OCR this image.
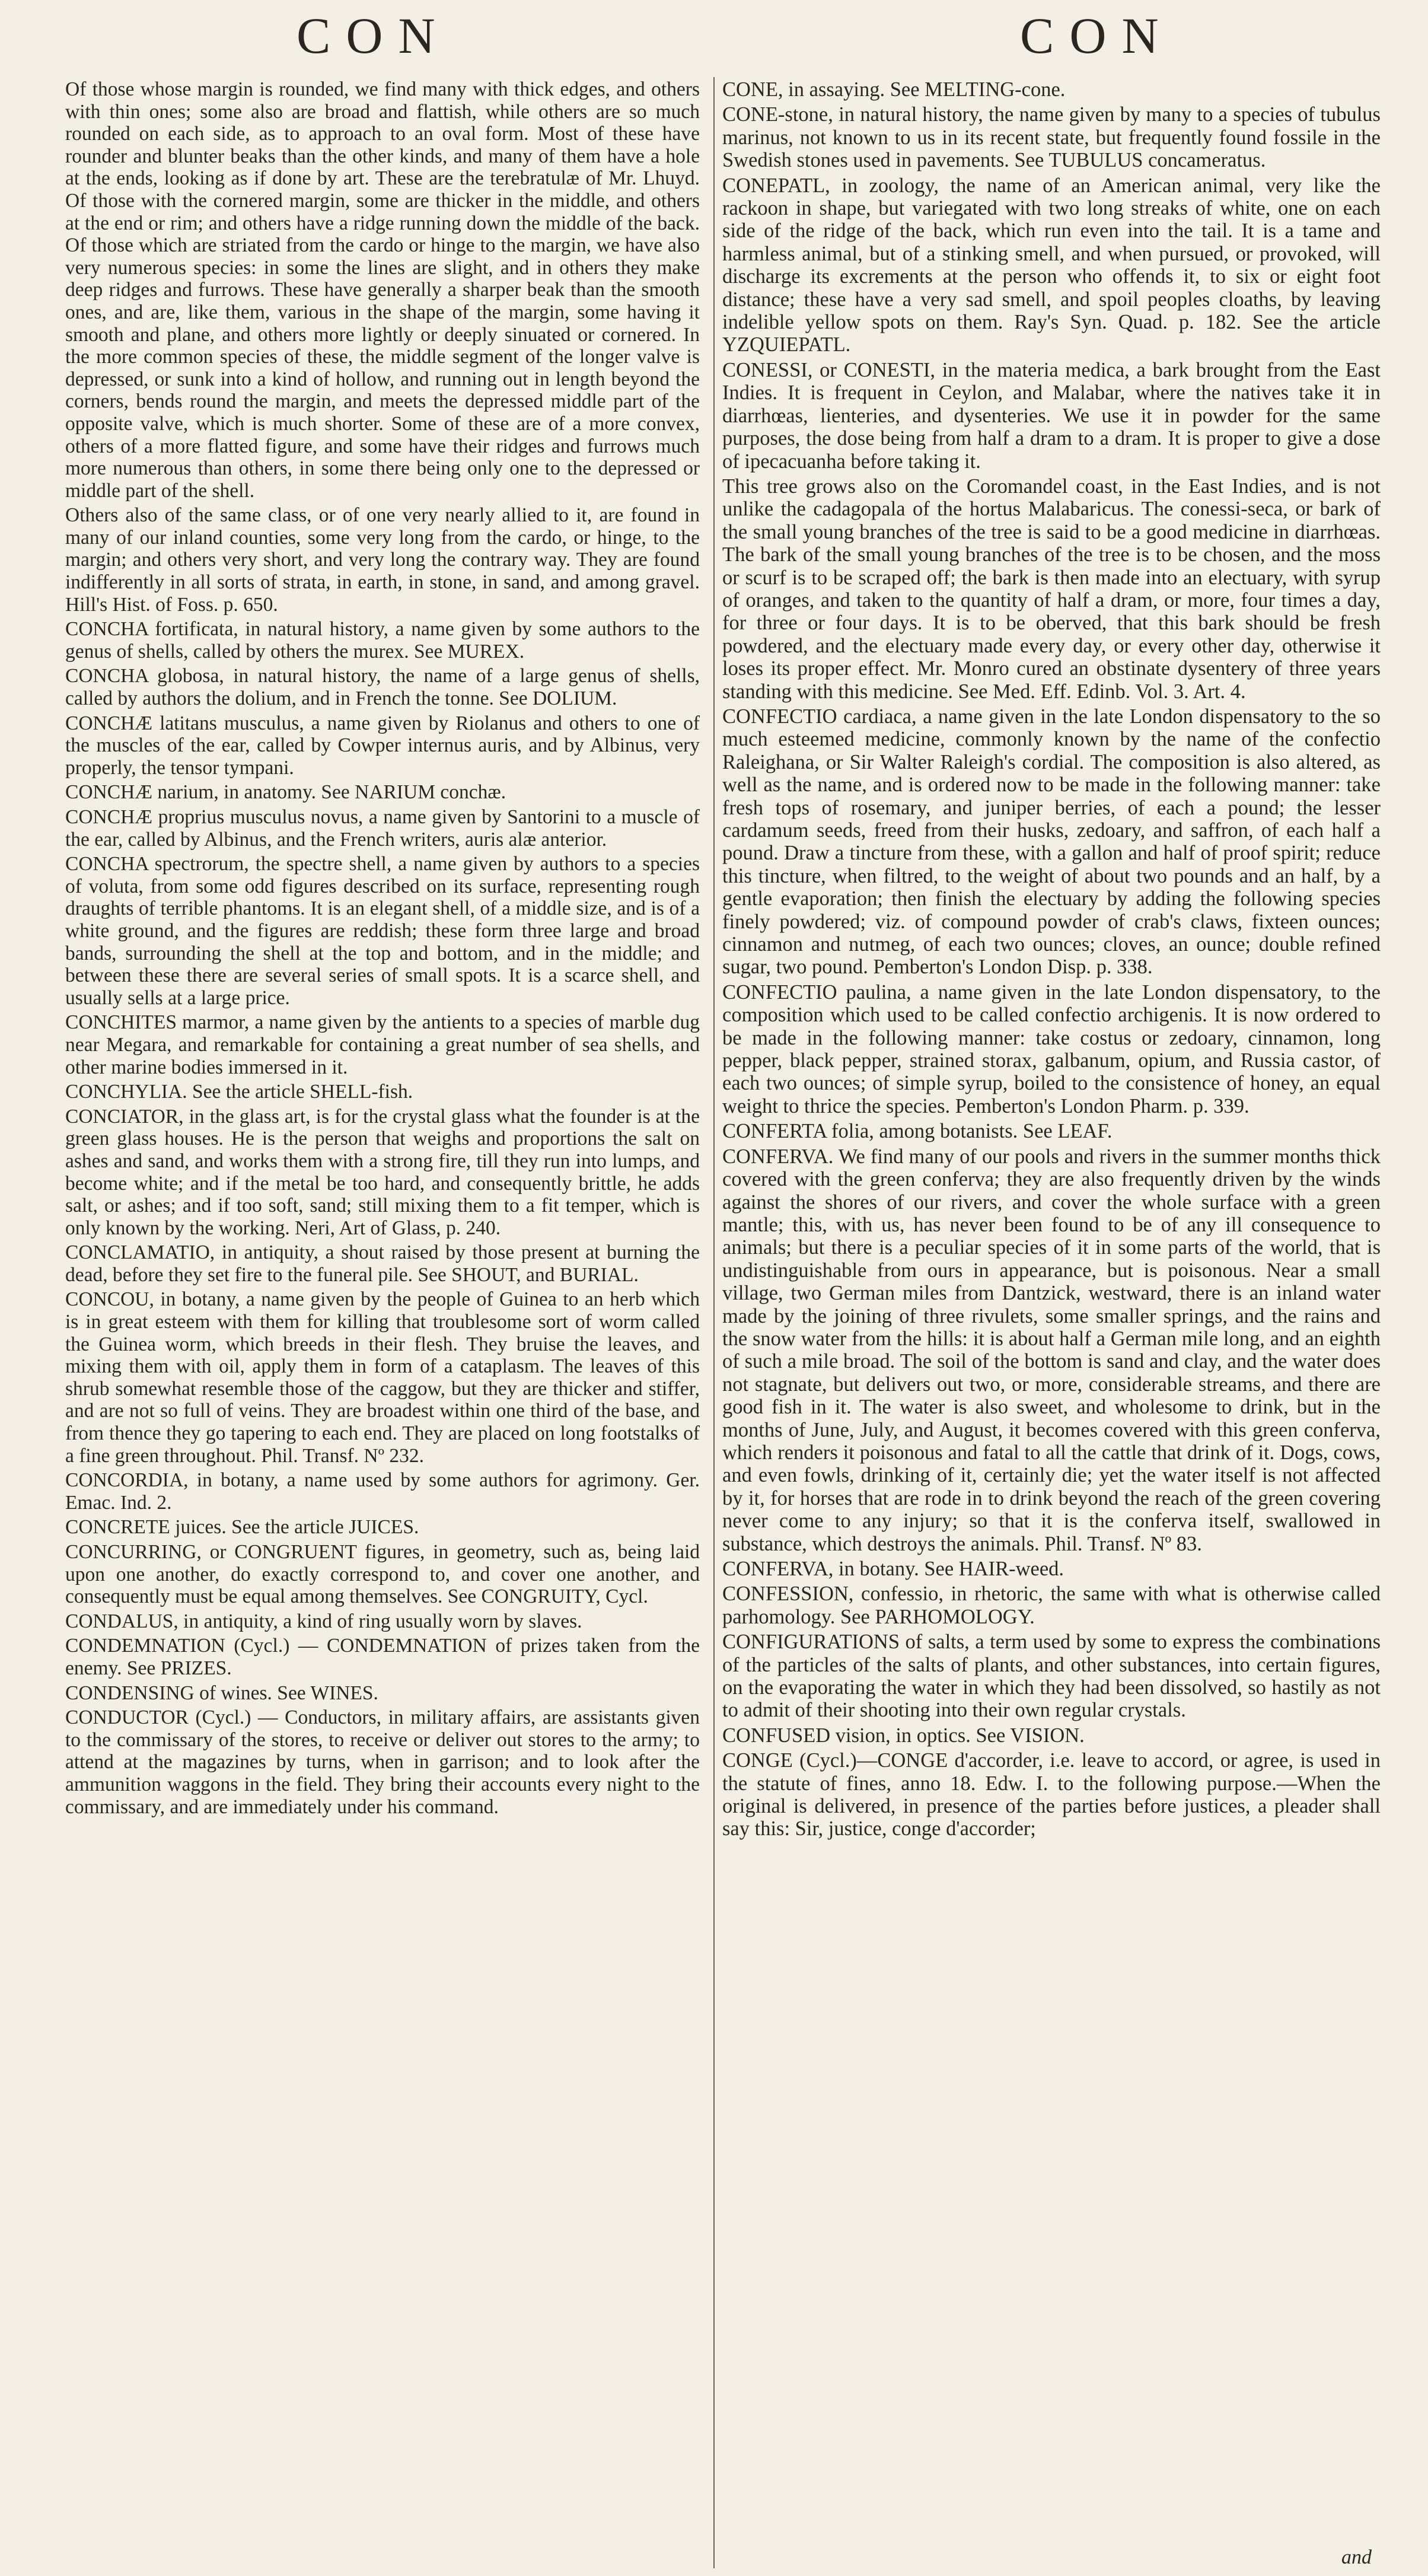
CON	CON

Of those whose margin is rounded, we find many with thick edges, and others with thin ones; some also are broad and flattish, while others are so much rounded on each side, as to approach to an oval form. Most of these have rounder and blunter beaks than the other kinds, and many of them have a hole at the ends, looking as if done by art. These are the terebratulæ of Mr. Lhuyd. Of those with the cornered margin, some are thicker in the middle, and others at the end or rim; and others have a ridge running down the middle of the back. Of those which are striated from the cardo or hinge to the margin, we have also very numerous species: in some the lines are slight, and in others they make deep ridges and furrows. These have generally a sharper beak than the smooth ones, and are, like them, various in the shape of the margin, some having it smooth and plane, and others more lightly or deeply sinuated or cornered. In the more common species of these, the middle segment of the longer valve is depressed, or sunk into a kind of hollow, and running out in length beyond the corners, bends round the margin, and meets the depressed middle part of the opposite valve, which is much shorter. Some of these are of a more convex, others of a more flatted figure, and some have their ridges and furrows much more numerous than others, in some there being only one to the depressed or middle part of the shell.

Others also of the same class, or of one very nearly allied to it, are found in many of our inland counties, some very long from the cardo, or hinge, to the margin; and others very short, and very long the contrary way. They are found indifferently in all sorts of strata, in earth, in stone, in sand, and among gravel. Hill's Hist. of Foss. p. 650.

CONCHA fortificata, in natural history, a name given by some authors to the genus of shells, called by others the murex. See MUREX.

CONCHA globosa, in natural history, the name of a large genus of shells, called by authors the dolium, and in French the tonne. See DOLIUM.

CONCHÆ latitans musculus, a name given by Riolanus and others to one of the muscles of the ear, called by Cowper internus auris, and by Albinus, very properly, the tensor tympani.

CONCHÆ narium, in anatomy. See NARIUM conchæ.

CONCHÆ proprius musculus novus, a name given by Santorini to a muscle of the ear, called by Albinus, and the French writers, auris alæ anterior.

CONCHA spectrorum, the spectre shell, a name given by authors to a species of voluta, from some odd figures described on its surface, representing rough draughts of terrible phantoms. It is an elegant shell, of a middle size, and is of a white ground, and the figures are reddish; these form three large and broad bands, surrounding the shell at the top and bottom, and in the middle; and between these there are several series of small spots. It is a scarce shell, and usually sells at a large price.

CONCHITES marmor, a name given by the antients to a species of marble dug near Megara, and remarkable for containing a great number of sea shells, and other marine bodies immersed in it.

CONCHYLIA. See the article SHELL-fish.

CONCIATOR, in the glass art, is for the crystal glass what the founder is at the green glass houses. He is the person that weighs and proportions the salt on ashes and sand, and works them with a strong fire, till they run into lumps, and become white; and if the metal be too hard, and consequently brittle, he adds salt, or ashes; and if too soft, sand; still mixing them to a fit temper, which is only known by the working. Neri, Art of Glass, p. 240.

CONCLAMATIO, in antiquity, a shout raised by those present at burning the dead, before they set fire to the funeral pile. See SHOUT, and BURIAL.

CONCOU, in botany, a name given by the people of Guinea to an herb which is in great esteem with them for killing that troublesome sort of worm called the Guinea worm, which breeds in their flesh. They bruise the leaves, and mixing them with oil, apply them in form of a cataplasm. The leaves of this shrub somewhat resemble those of the caggow, but they are thicker and stiffer, and are not so full of veins. They are broadest within one third of the base, and from thence they go tapering to each end. They are placed on long footstalks of a fine green throughout. Phil. Transf. Nº 232.

CONCORDIA, in botany, a name used by some authors for agrimony. Ger. Emac. Ind. 2.

CONCRETE juices. See the article JUICES.

CONCURRING, or CONGRUENT figures, in geometry, such as, being laid upon one another, do exactly correspond to, and cover one another, and consequently must be equal among themselves. See CONGRUITY, Cycl.

CONDALUS, in antiquity, a kind of ring usually worn by slaves.

CONDEMNATION (Cycl.) — CONDEMNATION of prizes taken from the enemy. See PRIZES.

CONDENSING of wines. See WINES.

CONDUCTOR (Cycl.) — Conductors, in military affairs, are assistants given to the commissary of the stores, to receive or deliver out stores to the army; to attend at the magazines by turns, when in garrison; and to look after the ammunition waggons in the field. They bring their accounts every night to the commissary, and are immediately under his command.

CONE, in assaying. See MELTING-cone.

CONE-stone, in natural history, the name given by many to a species of tubulus marinus, not known to us in its recent state, but frequently found fossile in the Swedish stones used in pavements. See TUBULUS concameratus.

CONEPATL, in zoology, the name of an American animal, very like the rackoon in shape, but variegated with two long streaks of white, one on each side of the ridge of the back, which run even into the tail. It is a tame and harmless animal, but of a stinking smell, and when pursued, or provoked, will discharge its excrements at the person who offends it, to six or eight foot distance; these have a very sad smell, and spoil peoples cloaths, by leaving indelible yellow spots on them. Ray's Syn. Quad. p. 182. See the article YZQUIEPATL.

CONESSI, or CONESTI, in the materia medica, a bark brought from the East Indies. It is frequent in Ceylon, and Malabar, where the natives take it in diarrhœas, lienteries, and dysenteries. We use it in powder for the same purposes, the dose being from half a dram to a dram. It is proper to give a dose of ipecacuanha before taking it.

This tree grows also on the Coromandel coast, in the East Indies, and is not unlike the cadagopala of the hortus Malabaricus. The conessi-seca, or bark of the small young branches of the tree is said to be a good medicine in diarrhœas. The bark of the small young branches of the tree is to be chosen, and the moss or scurf is to be scraped off; the bark is then made into an electuary, with syrup of oranges, and taken to the quantity of half a dram, or more, four times a day, for three or four days. It is to be oberved, that this bark should be fresh powdered, and the electuary made every day, or every other day, otherwise it loses its proper effect. Mr. Monro cured an obstinate dysentery of three years standing with this medicine. See Med. Eff. Edinb. Vol. 3. Art. 4.

CONFECTIO cardiaca, a name given in the late London dispensatory to the so much esteemed medicine, commonly known by the name of the confectio Raleighana, or Sir Walter Raleigh's cordial. The composition is also altered, as well as the name, and is ordered now to be made in the following manner: take fresh tops of rosemary, and juniper berries, of each a pound; the lesser cardamum seeds, freed from their husks, zedoary, and saffron, of each half a pound. Draw a tincture from these, with a gallon and half of proof spirit; reduce this tincture, when filtred, to the weight of about two pounds and an half, by a gentle evaporation; then finish the electuary by adding the following species finely powdered; viz. of compound powder of crab's claws, fixteen ounces; cinnamon and nutmeg, of each two ounces; cloves, an ounce; double refined sugar, two pound. Pemberton's London Disp. p. 338.

CONFECTIO paulina, a name given in the late London dispensatory, to the composition which used to be called confectio archigenis. It is now ordered to be made in the following manner: take costus or zedoary, cinnamon, long pepper, black pepper, strained storax, galbanum, opium, and Russia castor, of each two ounces; of simple syrup, boiled to the consistence of honey, an equal weight to thrice the species. Pemberton's London Pharm. p. 339.

CONFERTA folia, among botanists. See LEAF.

CONFERVA. We find many of our pools and rivers in the summer months thick covered with the green conferva; they are also frequently driven by the winds against the shores of our rivers, and cover the whole surface with a green mantle; this, with us, has never been found to be of any ill consequence to animals; but there is a peculiar species of it in some parts of the world, that is undistinguishable from ours in appearance, but is poisonous. Near a small village, two German miles from Dantzick, westward, there is an inland water made by the joining of three rivulets, some smaller springs, and the rains and the snow water from the hills: it is about half a German mile long, and an eighth of such a mile broad. The soil of the bottom is sand and clay, and the water does not stagnate, but delivers out two, or more, considerable streams, and there are good fish in it. The water is also sweet, and wholesome to drink, but in the months of June, July, and August, it becomes covered with this green conferva, which renders it poisonous and fatal to all the cattle that drink of it. Dogs, cows, and even fowls, drinking of it, certainly die; yet the water itself is not affected by it, for horses that are rode in to drink beyond the reach of the green covering never come to any injury; so that it is the conferva itself, swallowed in substance, which destroys the animals. Phil. Transf. Nº 83.

CONFERVA, in botany. See HAIR-weed.

CONFESSION, confessio, in rhetoric, the same with what is otherwise called parhomology. See PARHOMOLOGY.

CONFIGURATIONS of salts, a term used by some to express the combinations of the particles of the salts of plants, and other substances, into certain figures, on the evaporating the water in which they had been dissolved, so hastily as not to admit of their shooting into their own regular crystals.

CONFUSED vision, in optics. See VISION.

CONGE (Cycl.)—CONGE d'accorder, i.e. leave to accord, or agree, is used in the statute of fines, anno 18. Edw. I. to the following purpose.—When the original is delivered, in presence of the parties before justices, a pleader shall say this: Sir, justice, conge d'accorder;

and
